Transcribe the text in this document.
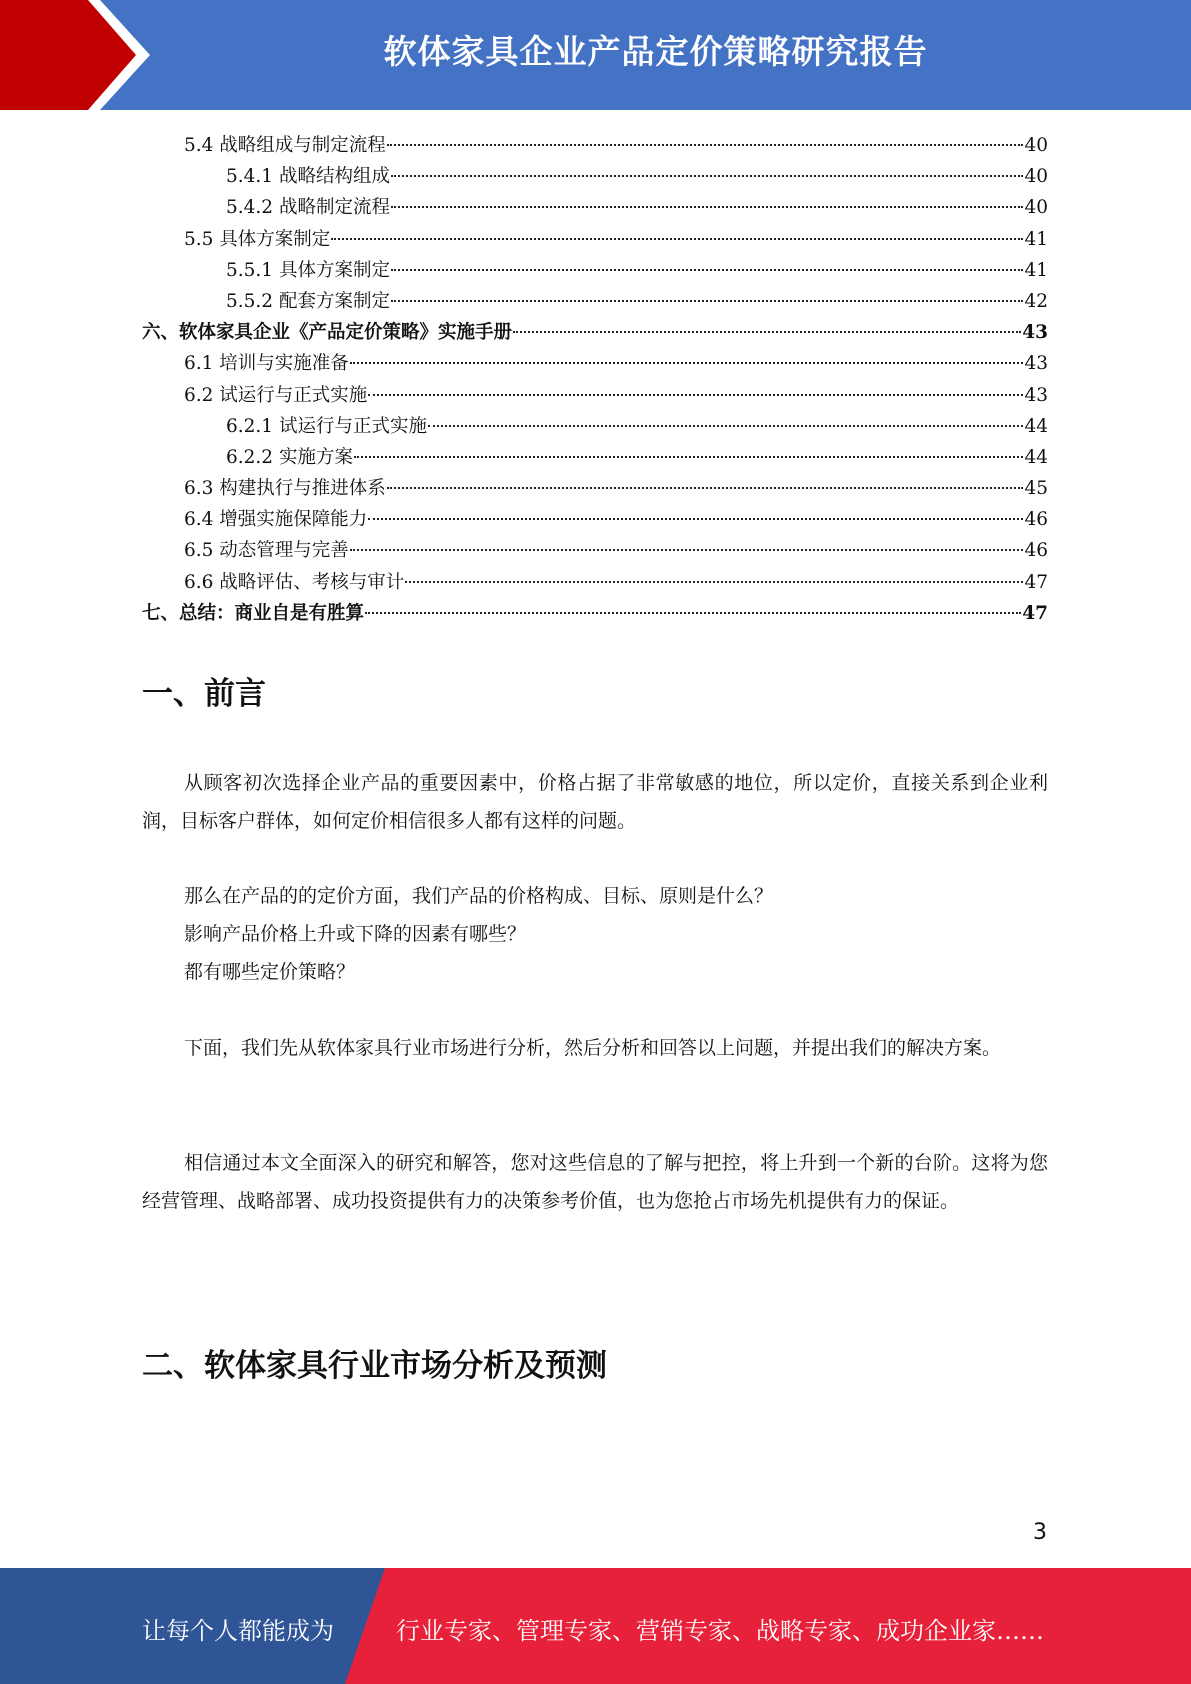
软体家具企业产品定价策略研究报告
5.4 战略组成与制定流程	40
5.4.1 战略结构组成	40
5.4.2 战略制定流程	40
5.5 具体方案制定	41
5.5.1 具体方案制定	41
5.5.2 配套方案制定	42
六、软体家具企业《产品定价策略》实施手册	43
6.1 培训与实施准备	43
6.2 试运行与正式实施	43
6.2.1 试运行与正式实施	44
6.2.2 实施方案	44
6.3 构建执行与推进体系	45
6.4 增强实施保障能力	46
6.5 动态管理与完善	46
6.6 战略评估、考核与审计	47
七、总结：商业自是有胜算	47
一、前言
从顾客初次选择企业产品的重要因素中，价格占据了非常敏感的地位，所以定价，直接关系到企业利润，目标客户群体，如何定价相信很多人都有这样的问题。
那么在产品的的定价方面，我们产品的价格构成、目标、原则是什么？
影响产品价格上升或下降的因素有哪些？
都有哪些定价策略？
下面，我们先从软体家具行业市场进行分析，然后分析和回答以上问题，并提出我们的解决方案。
相信通过本文全面深入的研究和解答，您对这些信息的了解与把控，将上升到一个新的台阶。这将为您经营管理、战略部署、成功投资提供有力的决策参考价值，也为您抢占市场先机提供有力的保证。
二、软体家具行业市场分析及预测
3
让每个人都能成为	行业专家、管理专家、营销专家、战略专家、成功企业家……
